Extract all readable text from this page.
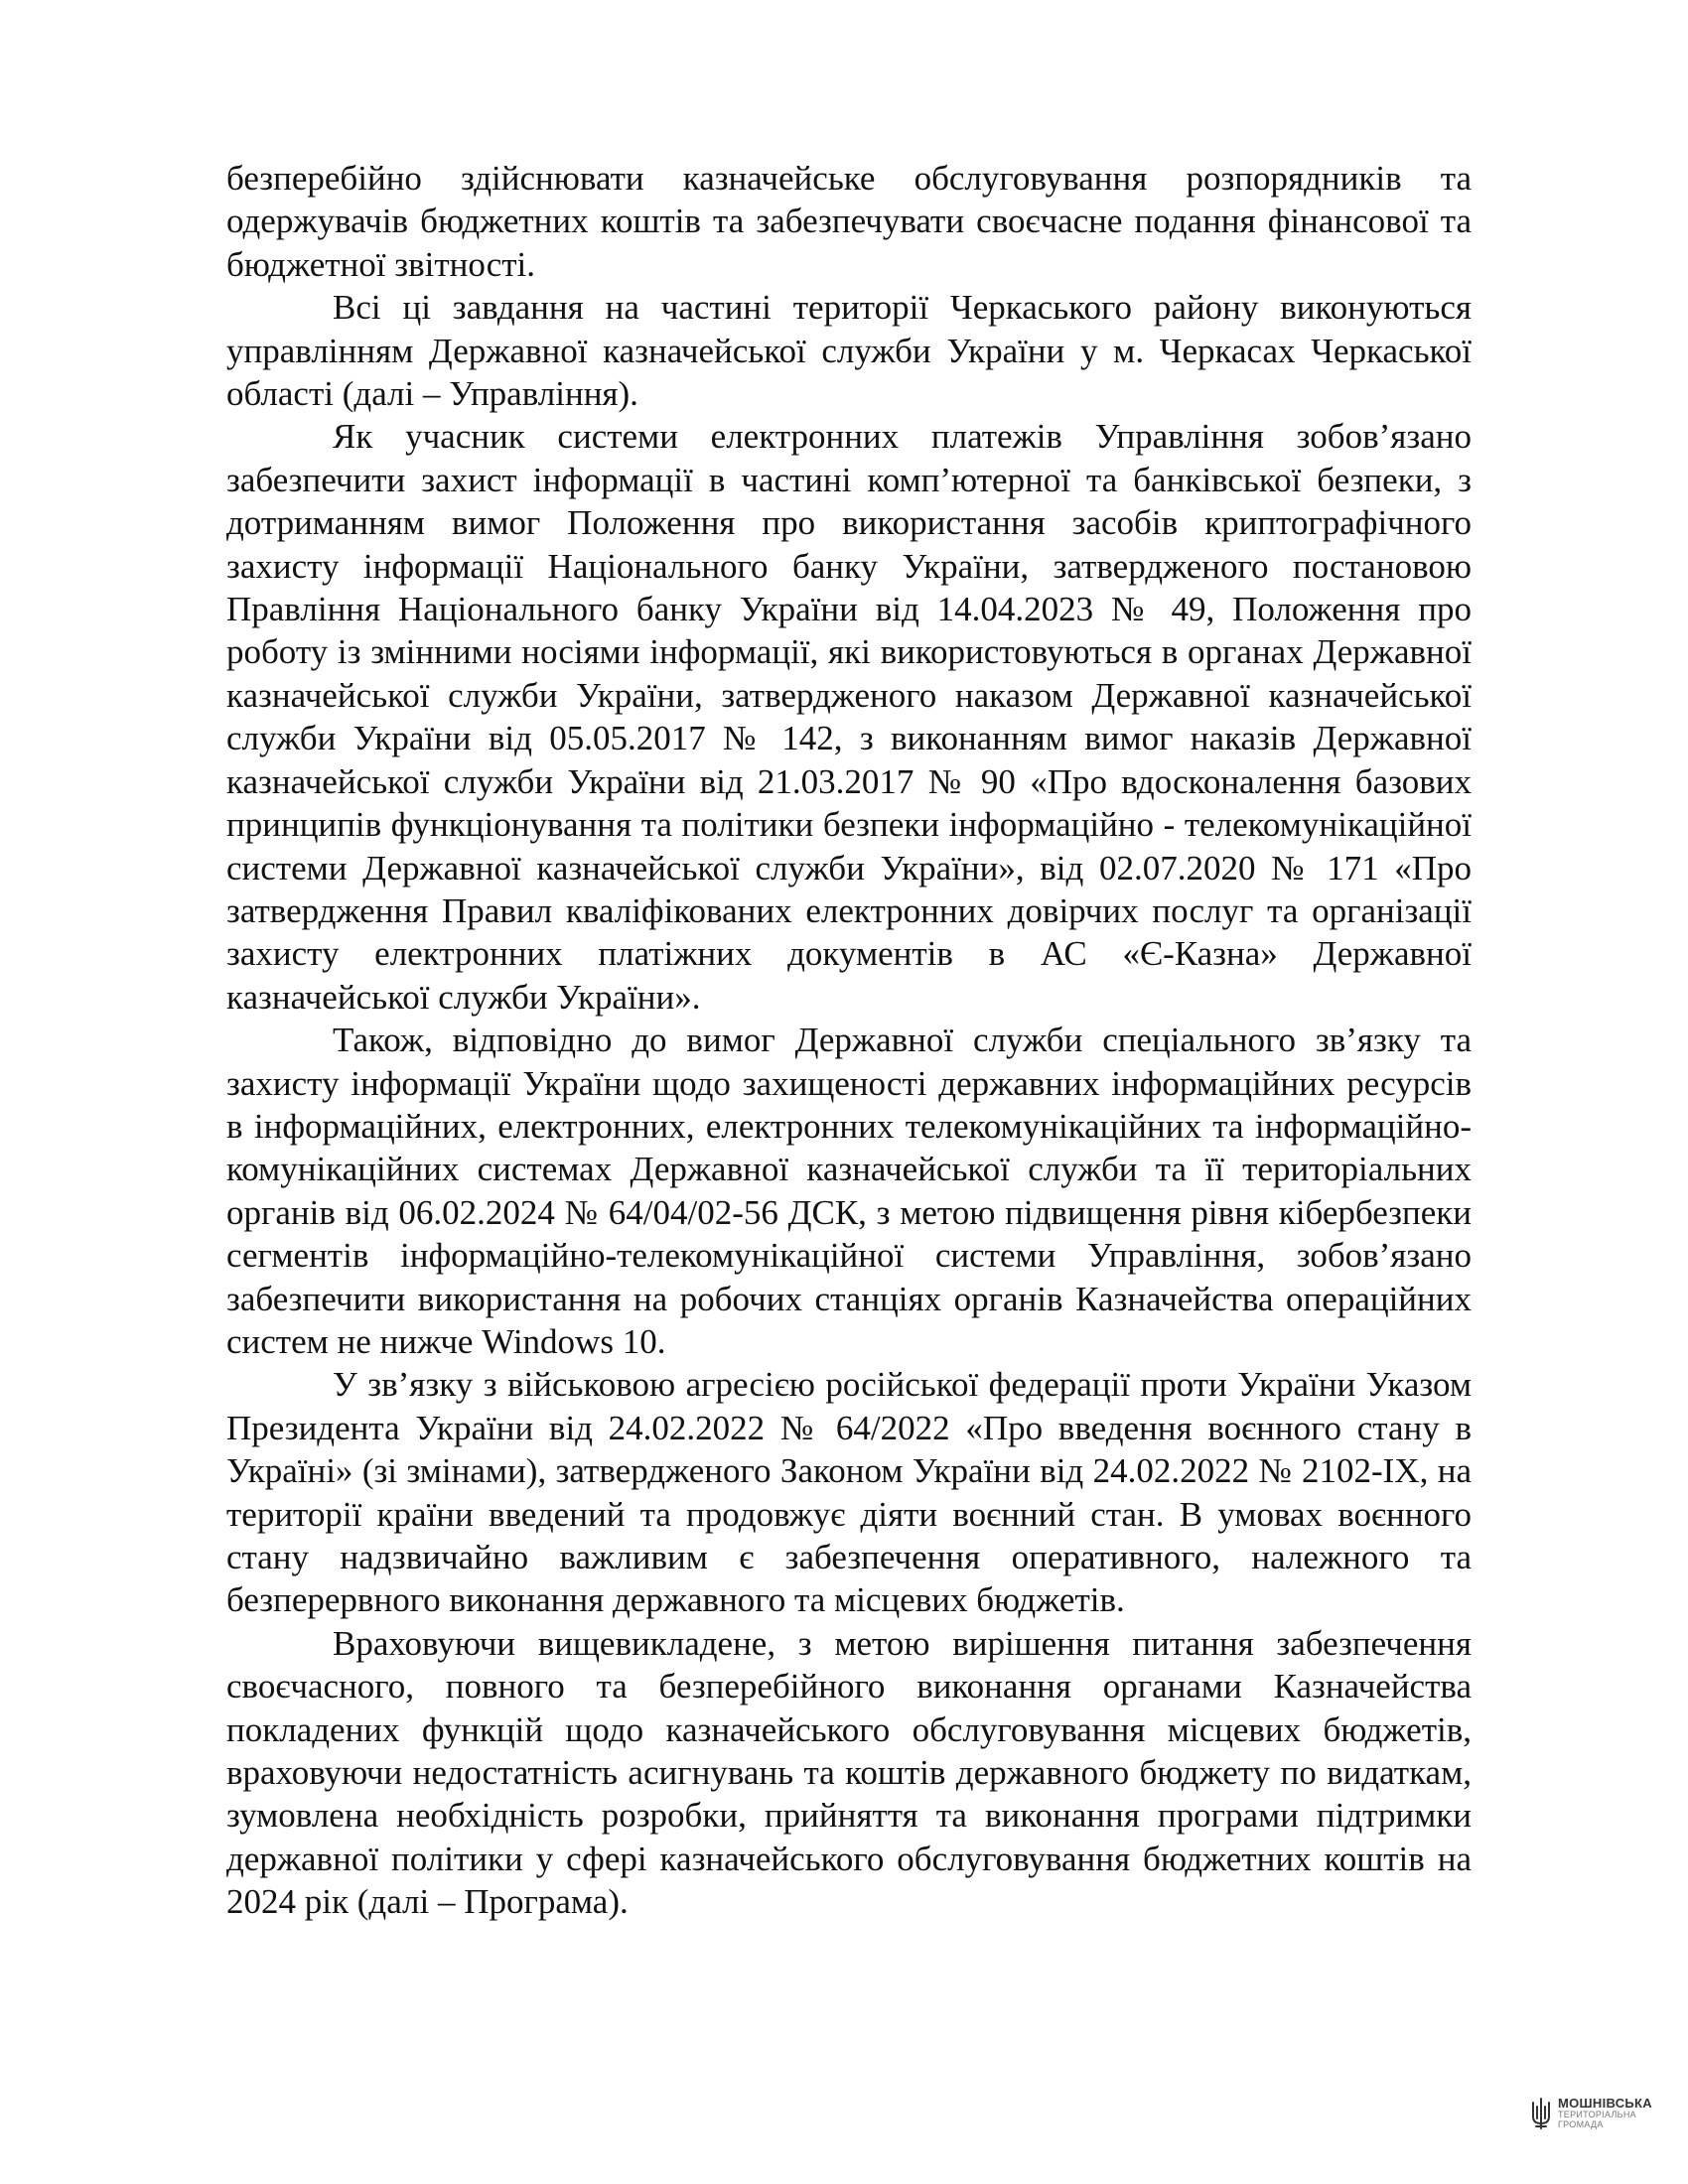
безперебійно здійснювати казначейське обслуговування розпорядників та одержувачів бюджетних коштів та забезпечувати своєчасне подання фінансової та бюджетної звітності.

Всі ці завдання на частині території Черкаського району виконуються управлінням Державної казначейської служби України у м. Черкасах Черкаської області (далі – Управління).

Як учасник системи електронних платежів Управління зобов’язано забезпечити захист інформації в частині комп’ютерної та банківської безпеки, з дотриманням вимог Положення про використання засобів криптографічного захисту інформації Національного банку України, затвердженого постановою Правління Національного банку України від 14.04.2023 № 49, Положення про роботу із змінними носіями інформації, які використовуються в органах Державної казначейської служби України, затвердженого наказом Державної казначейської служби України від 05.05.2017 № 142, з виконанням вимог наказів Державної казначейської служби України від 21.03.2017 № 90 «Про вдосконалення базових принципів функціонування та політики безпеки інформаційно - телекомунікаційної системи Державної казначейської служби України», від 02.07.2020 № 171 «Про затвердження Правил кваліфікованих електронних довірчих послуг та організації захисту електронних платіжних документів в АС «Є-Казна» Державної казначейської служби України».

Також, відповідно до вимог Державної служби спеціального зв’язку та захисту інформації України щодо захищеності державних інформаційних ресурсів в інформаційних, електронних, електронних телекомунікаційних та інформаційно-комунікаційних системах Державної казначейської служби та її територіальних органів від 06.02.2024 № 64/04/02-56 ДСК, з метою підвищення рівня кібербезпеки сегментів інформаційно-телекомунікаційної системи Управління, зобов’язано забезпечити використання на робочих станціях органів Казначейства операційних систем не нижче Windows 10.

У зв’язку з військовою агресією російської федерації проти України Указом Президента України від 24.02.2022 № 64/2022 «Про введення воєнного стану в Україні» (зі змінами), затвердженого Законом України від 24.02.2022 № 2102-ІХ, на території країни введений та продовжує діяти воєнний стан. В умовах воєнного стану надзвичайно важливим є забезпечення оперативного, належного та безперервного виконання державного та місцевих бюджетів.

Враховуючи вищевикладене, з метою вирішення питання забезпечення своєчасного, повного та безперебійного виконання органами Казначейства покладених функцій щодо казначейського обслуговування місцевих бюджетів, враховуючи недостатність асигнувань та коштів державного бюджету по видаткам, зумовлена необхідність розробки, прийняття та виконання програми підтримки державної політики у сфері казначейського обслуговування бюджетних коштів на 2024 рік (далі – Програма).

МОШНІВСЬКА
ТЕРИТОРІАЛЬНА
ГРОМАДА
